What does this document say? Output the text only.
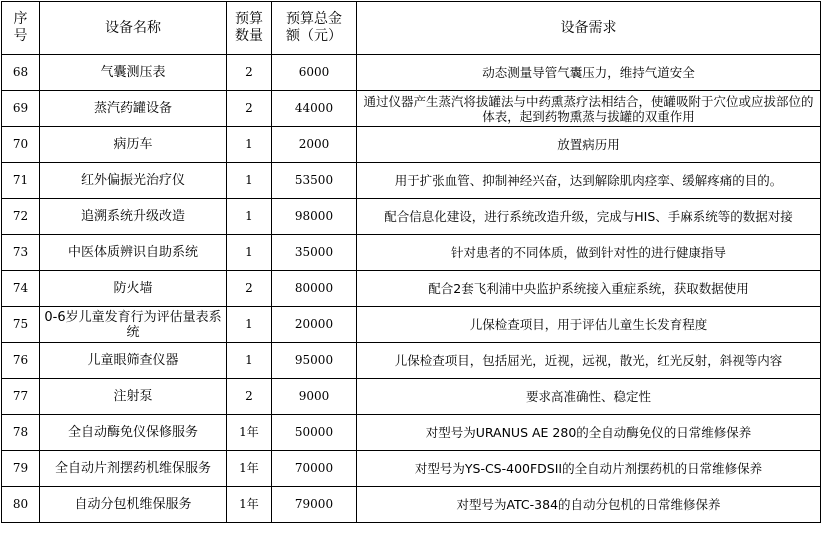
序号	设备名称	预算数量	预算总金额（元）	设备需求
68	气囊测压表	2	6000	动态测量导管气囊压力，维持气道安全
69	蒸汽药罐设备	2	44000	通过仪器产生蒸汽将拔罐法与中药熏蒸疗法相结合，使罐吸附于穴位或应拔部位的体表，起到药物熏蒸与拔罐的双重作用
70	病历车	1	2000	放置病历用
71	红外偏振光治疗仪	1	53500	用于扩张血管、抑制神经兴奋，达到解除肌肉痉挛、缓解疼痛的目的。
72	追溯系统升级改造	1	98000	配合信息化建设，进行系统改造升级，完成与HIS、手麻系统等的数据对接
73	中医体质辨识自助系统	1	35000	针对患者的不同体质，做到针对性的进行健康指导
74	防火墙	2	80000	配合2套飞利浦中央监护系统接入重症系统，获取数据使用
75	0-6岁儿童发育行为评估量表系统	1	20000	儿保检查项目，用于评估儿童生长发育程度
76	儿童眼筛查仪器	1	95000	儿保检查项目，包括屈光，近视，远视，散光，红光反射，斜视等内容
77	注射泵	2	9000	要求高准确性、稳定性
78	全自动酶免仪保修服务	1年	50000	对型号为URANUS AE 280的全自动酶免仪的日常维修保养
79	全自动片剂摆药机维保服务	1年	70000	对型号为YS-CS-400FDSII的全自动片剂摆药机的日常维修保养
80	自动分包机维保服务	1年	79000	对型号为ATC-384的自动分包机的日常维修保养
